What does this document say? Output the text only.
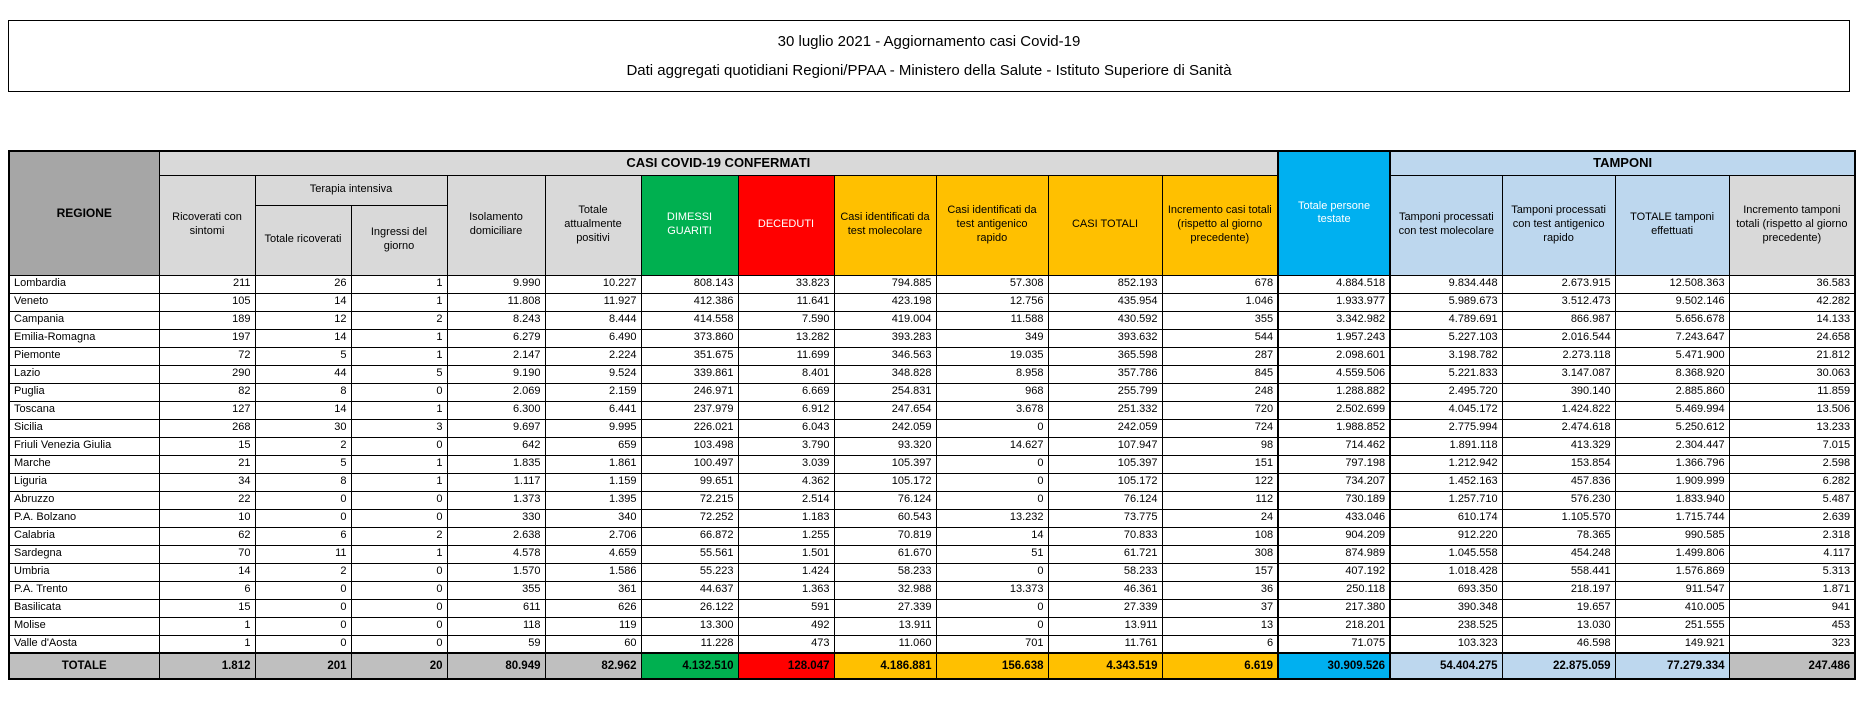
30 luglio 2021 - Aggiornamento casi Covid-19
Dati aggregati quotidiani Regioni/PPAA - Ministero della Salute - Istituto Superiore di Sanità
REGIONE	CASI COVID-19 CONFERMATI											Totale persone testate	TAMPONI			
	Ricoverati con sintomi	Terapia intensiva		Isolamento domiciliare	Totale attualmente positivi	DIMESSI GUARITI	DECEDUTI	Casi identificati da test molecolare	Casi identificati da test antigenico rapido	CASI TOTALI	Incremento casi totali (rispetto al giorno precedente)		Tamponi processati con test molecolare	Tamponi processati con test antigenico rapido	TOTALE tamponi effettuati	Incremento tamponi totali (rispetto al giorno precedente)
		Totale ricoverati	Ingressi del giorno													
Lombardia	211	26	1	9.990	10.227	808.143	33.823	794.885	57.308	852.193	678	4.884.518	9.834.448	2.673.915	12.508.363	36.583
Veneto	105	14	1	11.808	11.927	412.386	11.641	423.198	12.756	435.954	1.046	1.933.977	5.989.673	3.512.473	9.502.146	42.282
Campania	189	12	2	8.243	8.444	414.558	7.590	419.004	11.588	430.592	355	3.342.982	4.789.691	866.987	5.656.678	14.133
Emilia-Romagna	197	14	1	6.279	6.490	373.860	13.282	393.283	349	393.632	544	1.957.243	5.227.103	2.016.544	7.243.647	24.658
Piemonte	72	5	1	2.147	2.224	351.675	11.699	346.563	19.035	365.598	287	2.098.601	3.198.782	2.273.118	5.471.900	21.812
Lazio	290	44	5	9.190	9.524	339.861	8.401	348.828	8.958	357.786	845	4.559.506	5.221.833	3.147.087	8.368.920	30.063
Puglia	82	8	0	2.069	2.159	246.971	6.669	254.831	968	255.799	248	1.288.882	2.495.720	390.140	2.885.860	11.859
Toscana	127	14	1	6.300	6.441	237.979	6.912	247.654	3.678	251.332	720	2.502.699	4.045.172	1.424.822	5.469.994	13.506
Sicilia	268	30	3	9.697	9.995	226.021	6.043	242.059	0	242.059	724	1.988.852	2.775.994	2.474.618	5.250.612	13.233
Friuli Venezia Giulia	15	2	0	642	659	103.498	3.790	93.320	14.627	107.947	98	714.462	1.891.118	413.329	2.304.447	7.015
Marche	21	5	1	1.835	1.861	100.497	3.039	105.397	0	105.397	151	797.198	1.212.942	153.854	1.366.796	2.598
Liguria	34	8	1	1.117	1.159	99.651	4.362	105.172	0	105.172	122	734.207	1.452.163	457.836	1.909.999	6.282
Abruzzo	22	0	0	1.373	1.395	72.215	2.514	76.124	0	76.124	112	730.189	1.257.710	576.230	1.833.940	5.487
P.A. Bolzano	10	0	0	330	340	72.252	1.183	60.543	13.232	73.775	24	433.046	610.174	1.105.570	1.715.744	2.639
Calabria	62	6	2	2.638	2.706	66.872	1.255	70.819	14	70.833	108	904.209	912.220	78.365	990.585	2.318
Sardegna	70	11	1	4.578	4.659	55.561	1.501	61.670	51	61.721	308	874.989	1.045.558	454.248	1.499.806	4.117
Umbria	14	2	0	1.570	1.586	55.223	1.424	58.233	0	58.233	157	407.192	1.018.428	558.441	1.576.869	5.313
P.A. Trento	6	0	0	355	361	44.637	1.363	32.988	13.373	46.361	36	250.118	693.350	218.197	911.547	1.871
Basilicata	15	0	0	611	626	26.122	591	27.339	0	27.339	37	217.380	390.348	19.657	410.005	941
Molise	1	0	0	118	119	13.300	492	13.911	0	13.911	13	218.201	238.525	13.030	251.555	453
Valle d'Aosta	1	0	0	59	60	11.228	473	11.060	701	11.761	6	71.075	103.323	46.598	149.921	323
TOTALE	1.812	201	20	80.949	82.962	4.132.510	128.047	4.186.881	156.638	4.343.519	6.619	30.909.526	54.404.275	22.875.059	77.279.334	247.486
